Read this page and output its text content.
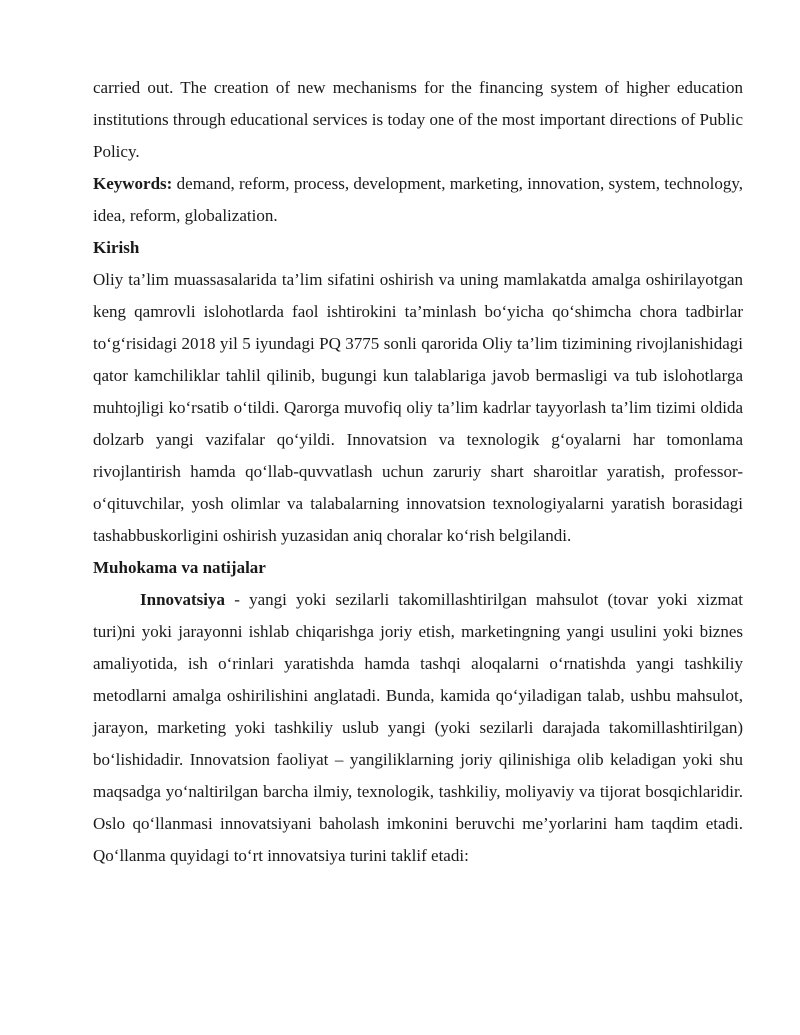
carried out. The creation of new mechanisms for the financing system of higher education institutions through educational services is today one of the most important directions of Public Policy.

Keywords: demand, reform, process, development, marketing, innovation, system, technology, idea, reform, globalization.

Kirish

Oliy ta’lim muassasalarida ta’lim sifatini oshirish va uning mamlakatda amalga oshirilayotgan keng qamrovli islohotlarda faol ishtirokini ta’minlash bo‘yicha qo‘shimcha chora tadbirlar to‘g‘risidagi 2018 yil 5 iyundagi PQ 3775 sonli qarorida Oliy ta’lim tizimining rivojlanishidagi qator kamchiliklar tahlil qilinib, bugungi kun talablariga javob bermasligi va tub islohotlarga muhtojligi ko‘rsatib o‘tildi. Qarorga muvofiq oliy ta’lim kadrlar tayyorlash ta’lim tizimi oldida dolzarb yangi vazifalar qo‘yildi. Innovatsion va texnologik g‘oyalarni har tomonlama rivojlantirish hamda qo‘llab-quvvatlash uchun zaruriy shart sharoitlar yaratish, professor- o‘qituvchilar, yosh olimlar va talabalarning innovatsion texnologiyalarni yaratish borasidagi tashabbuskorligini oshirish yuzasidan aniq choralar ko‘rish belgilandi.

Muhokama va natijalar

Innovatsiya - yangi yoki sezilarli takomillashtirilgan mahsulot (tovar yoki xizmat turi)ni yoki jarayonni ishlab chiqarishga joriy etish, marketingning yangi usulini yoki biznes amaliyotida, ish o‘rinlari yaratishda hamda tashqi aloqalarni o‘rnatishda yangi tashkiliy metodlarni amalga oshirilishini anglatadi. Bunda, kamida qo‘yiladigan talab, ushbu mahsulot, jarayon, marketing yoki tashkiliy uslub yangi (yoki sezilarli darajada takomillashtirilgan) bo‘lishidadir. Innovatsion faoliyat – yangiliklarning joriy qilinishiga olib keladigan yoki shu maqsadga yo‘naltirilgan barcha ilmiy, texnologik, tashkiliy, moliyaviy va tijorat bosqichlaridir. Oslo qo‘llanmasi innovatsiyani baholash imkonini beruvchi me’yorlarini ham taqdim etadi. Qo‘llanma quyidagi to‘rt innovatsiya turini taklif etadi:
